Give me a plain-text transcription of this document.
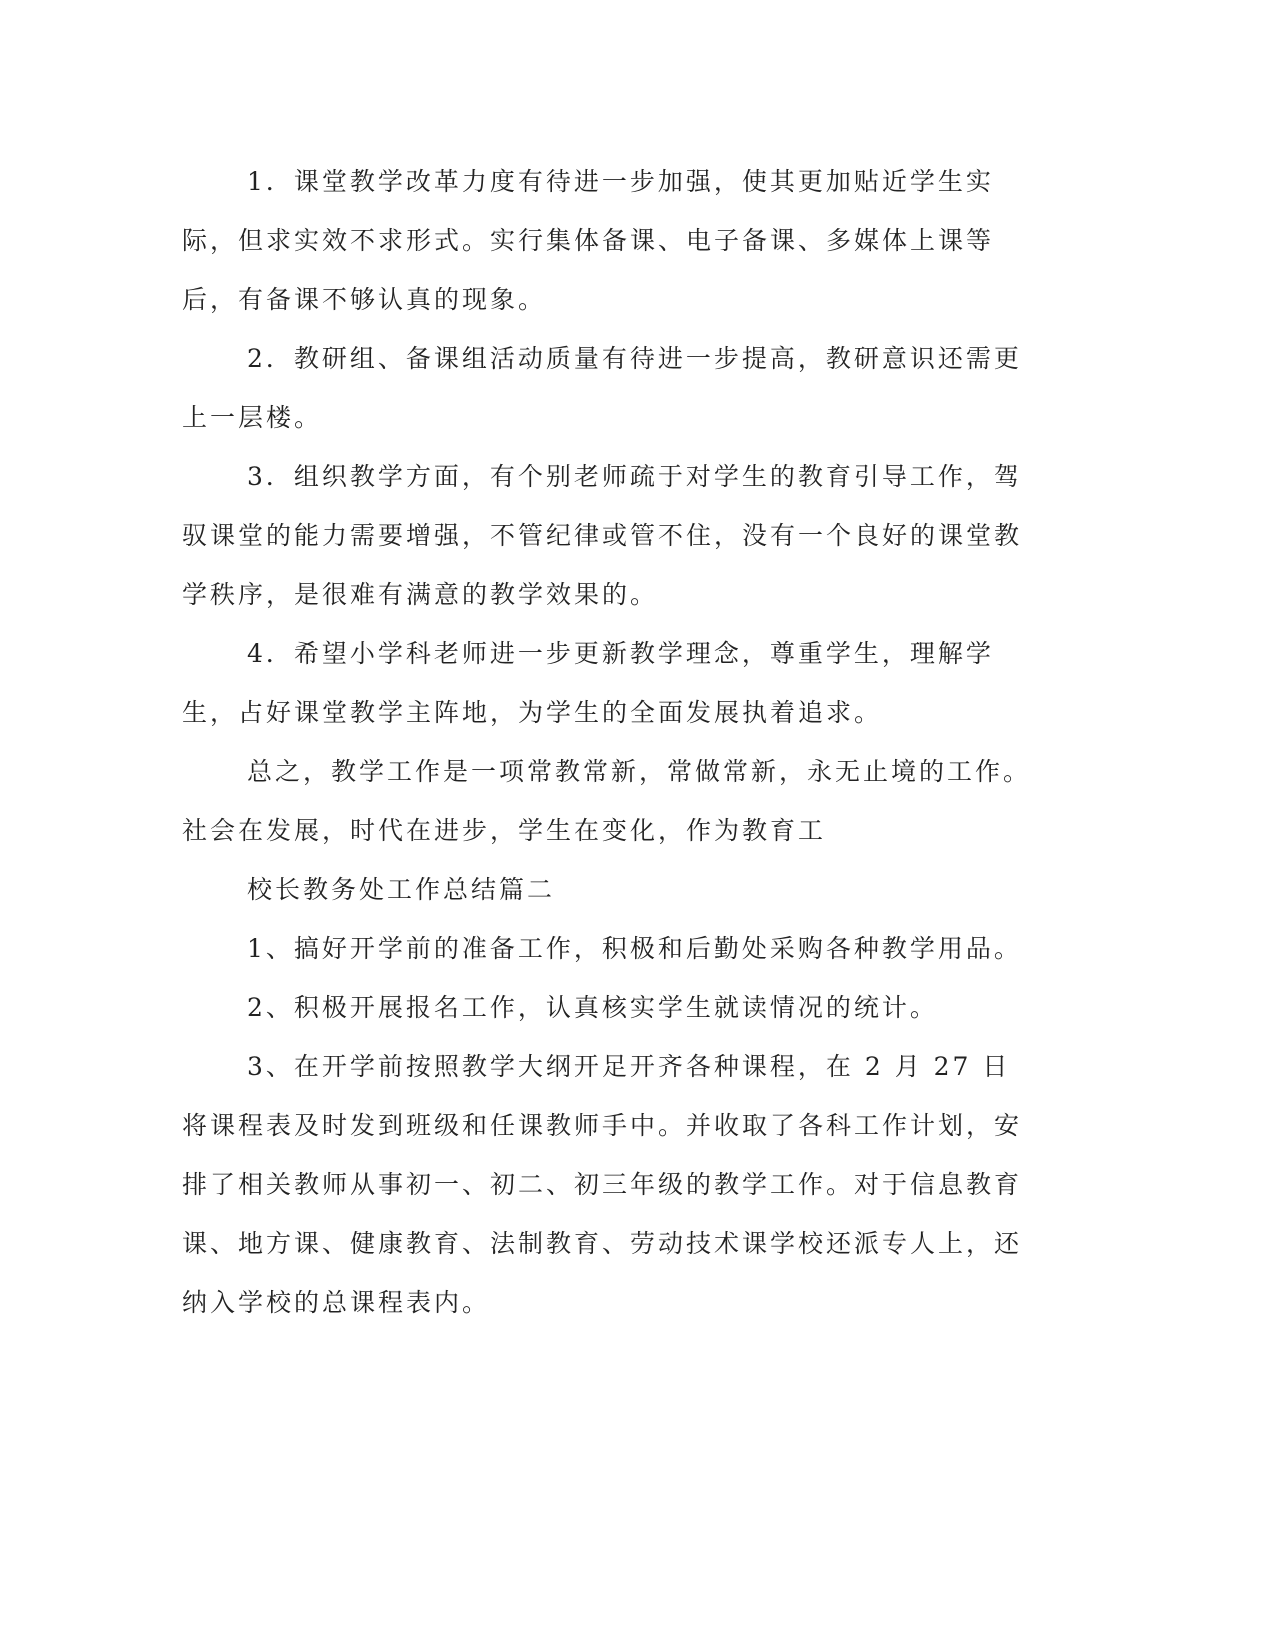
1．课堂教学改革力度有待进一步加强，使其更加贴近学生实际，但求实效不求形式。实行集体备课、电子备课、多媒体上课等后，有备课不够认真的现象。

2．教研组、备课组活动质量有待进一步提高，教研意识还需更上一层楼。

3．组织教学方面，有个别老师疏于对学生的教育引导工作，驾驭课堂的能力需要增强，不管纪律或管不住，没有一个良好的课堂教学秩序，是很难有满意的教学效果的。

4．希望小学科老师进一步更新教学理念，尊重学生，理解学生，占好课堂教学主阵地，为学生的全面发展执着追求。

总之，教学工作是一项常教常新，常做常新，永无止境的工作。社会在发展，时代在进步，学生在变化，作为教育工

校长教务处工作总结篇二

1、搞好开学前的准备工作，积极和后勤处采购各种教学用品。

2、积极开展报名工作，认真核实学生就读情况的统计。

3、在开学前按照教学大纲开足开齐各种课程，在 2 月 27 日将课程表及时发到班级和任课教师手中。并收取了各科工作计划，安排了相关教师从事初一、初二、初三年级的教学工作。对于信息教育课、地方课、健康教育、法制教育、劳动技术课学校还派专人上，还纳入学校的总课程表内。
